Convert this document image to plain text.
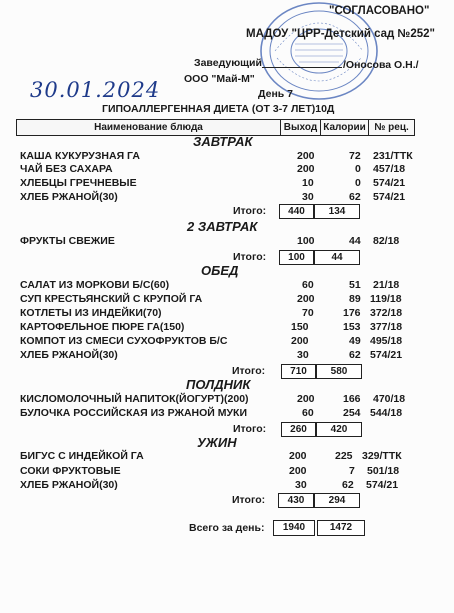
"СОГЛАСОВАНО"
МАДОУ "ЦРР-Детский сад №252"
Заведующий	/Оносова О.Н./
ООО "Май-М"
День 7
30.01.2024
ГИПОАЛЛЕРГЕННАЯ ДИЕТА (ОТ 3-7 ЛЕТ)10Д
Наименование блюда	Выход Калории № рец.
ЗАВТРАК
КАША КУКУРУЗНАЯ ГА	200	72 231/ТТК
ЧАЙ БЕЗ САХАРА	200	0 457/18
ХЛЕБЦЫ ГРЕЧНЕВЫЕ	10	0 574/21
ХЛЕБ РЖАНОЙ(30)	30	62 574/21
Итого:	440	134
2 ЗАВТРАК
ФРУКТЫ СВЕЖИЕ	100	44 82/18
Итого:	100	44
ОБЕД
САЛАТ ИЗ МОРКОВИ Б/С(60)	60	51 21/18
СУП КРЕСТЬЯНСКИЙ С КРУПОЙ ГА	200	89 119/18
КОТЛЕТЫ ИЗ ИНДЕЙКИ(70)	70	176 372/18
КАРТОФЕЛЬНОЕ ПЮРЕ ГА(150)	150	153 377/18
КОМПОТ ИЗ СМЕСИ СУХОФРУКТОВ Б/С	200	49 495/18
ХЛЕБ РЖАНОЙ(30)	30	62 574/21
Итого:	710	580
ПОЛДНИК
КИСЛОМОЛОЧНЫЙ НАПИТОК(ЙОГУРТ)(200)	200	166 470/18
БУЛОЧКА РОССИЙСКАЯ ИЗ РЖАНОЙ МУКИ	60	254 544/18
Итого:	260	420
УЖИН
БИГУС С ИНДЕЙКОЙ ГА	200	225 329/ТТК
СОКИ ФРУКТОВЫЕ	200	7 501/18
ХЛЕБ РЖАНОЙ(30)	30	62 574/21
Итого:	430	294
Всего за день:	1940	1472
